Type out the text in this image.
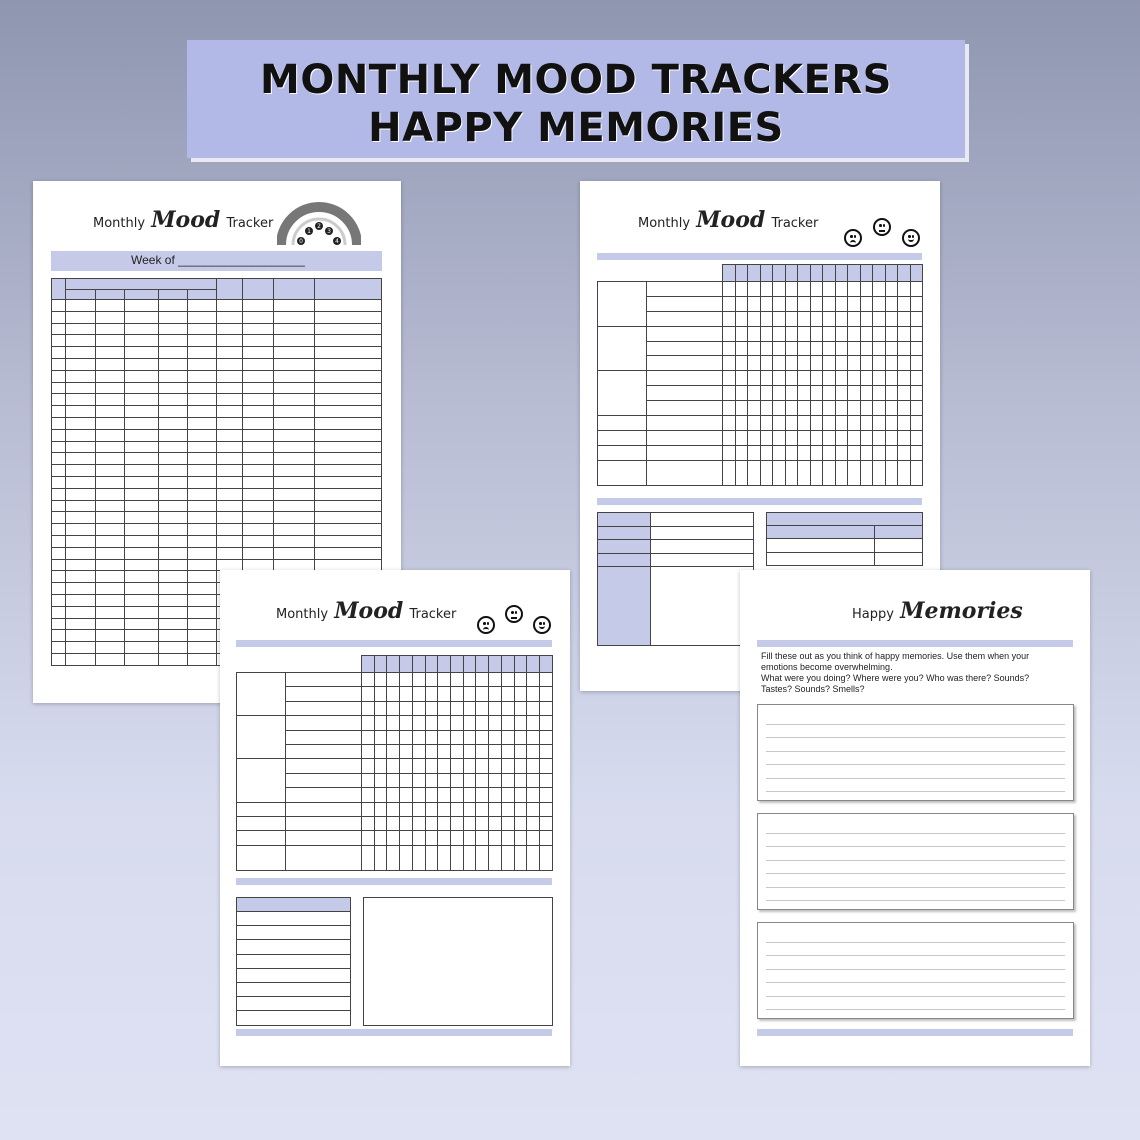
MONTHLY MOOD TRACKERS
HAPPY MEMORIES
Monthly Mood Tracker
0
1
2
3
4
Week of ___________________

Monthly Mood Tracker

Happy Memories
Fill these out as you think of happy memories. Use them when your emotions become overwhelming.
What were you doing? Where were you? Who was there? Sounds? Tastes? Sounds? Smells?
Monthly Mood Tracker
